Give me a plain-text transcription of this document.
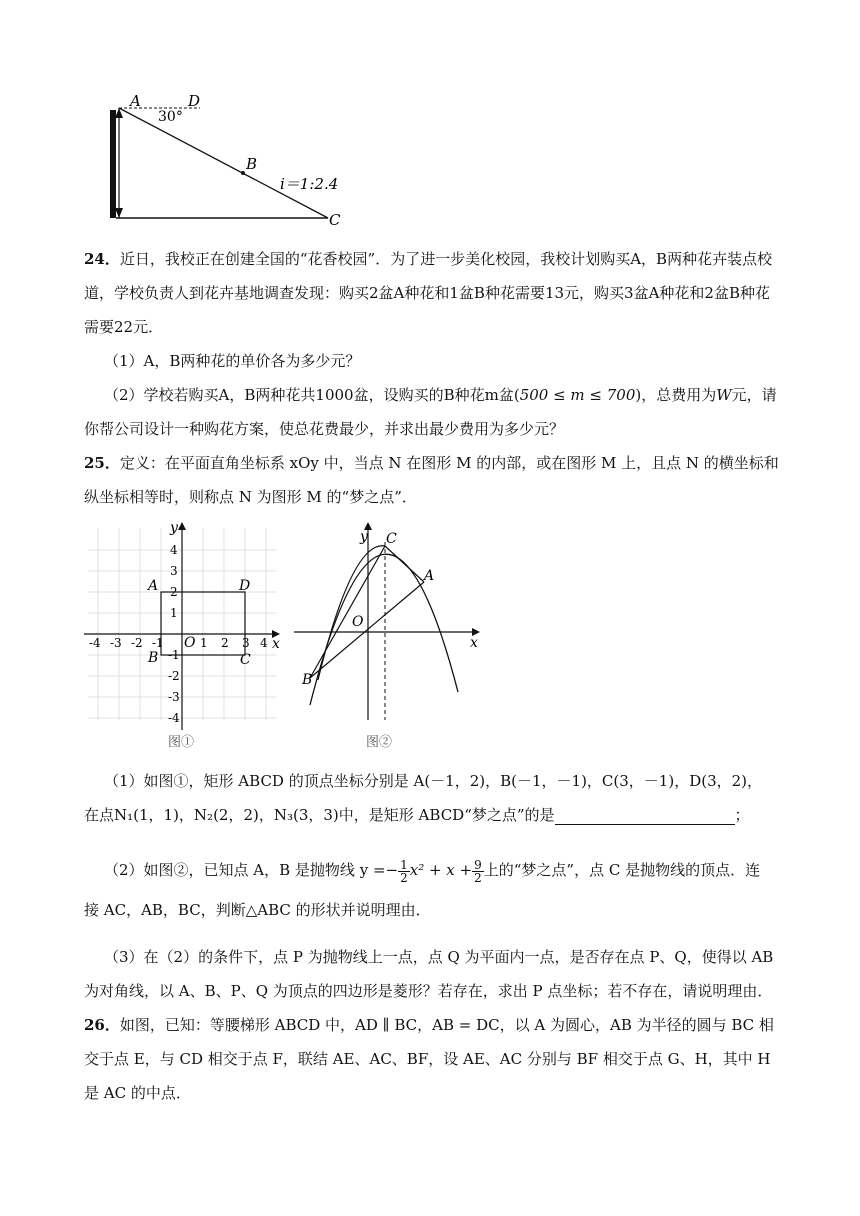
A	D
30°
B
i＝1:2.4
C
24．近日，我校正在创建全国的“花香校园”．为了进一步美化校园，我校计划购买A，B两种花卉装点校道，学校负责人到花卉基地调查发现：购买2盆A种花和1盆B种花需要13元，购买3盆A种花和2盆B种花需要22元．
（1）A，B两种花的单价各为多少元？
（2）学校若购买A，B两种花共1000盆，设购买的B种花m盆(500 ≤ m ≤ 700)，总费用为W元，请你帮公司设计一种购花方案，使总花费最少，并求出最少费用为多少元？
25．定义：在平面直角坐标系 xOy 中，当点 N 在图形 M 的内部，或在图形 M 上，且点 N 的横坐标和纵坐标相等时，则称点 N 为图形 M 的“梦之点”．
-4 -3 -2 -1	1 2 3 4
4
3
2
1
-1
-2
-3
-4
O	x
y
A	D
B	C
图①
y
x
O
C
A
B
图②
（1）如图①，矩形 ABCD 的顶点坐标分别是 A(－1，2)，B(－1，－1)，C(3，－1)，D(3，2)，
在点N₁(1，1)，N₂(2，2)，N₃(3，3)中，是矩形 ABCD“梦之点”的是	；
（2）如图②，已知点 A，B 是抛物线 $y =- \frac{1}{2} x^2 + x + \frac{9}{2}$ 上的“梦之点”，点 C 是抛物线的顶点．连
接 AC，AB，BC，判断△ABC 的形状并说明理由．
（3）在（2）的条件下，点 P 为抛物线上一点，点 Q 为平面内一点，是否存在点 P、Q，使得以 AB 为对角线，以 A、B、P、Q 为顶点的四边形是菱形？若存在，求出 P 点坐标；若不存在，请说明理由．
26．如图，已知：等腰梯形 ABCD 中，AD ∥ BC，AB = DC，以 A 为圆心，AB 为半径的圆与 BC 相交于点 E，与 CD 相交于点 F，联结 AE、AC、BF，设 AE、AC 分别与 BF 相交于点 G、H，其中 H 是 AC 的中点．
